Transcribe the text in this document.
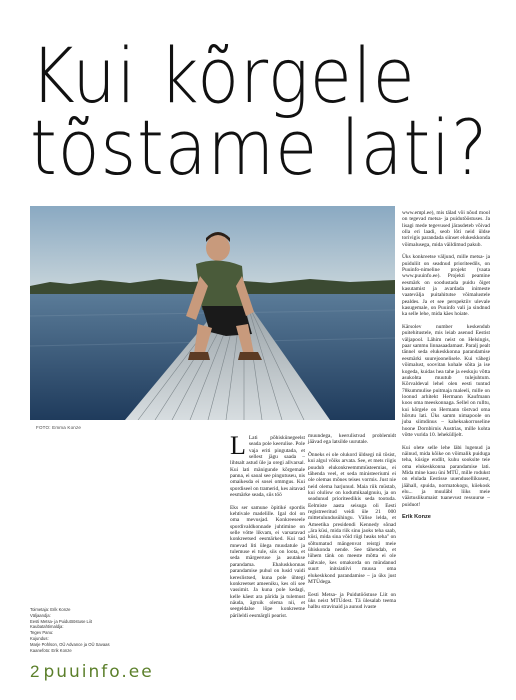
Kui kõrgele
tõstame lati?
FOTO: Emma Konze

L Lati põhiskünegeelst seada pole keerulise. Pole vaja eriti pingutada, et sellest jägu saada – lihtsalt astud üle ja oregi allvarsal. Kui lati mänigunde kõrgemale panna, ei saoal see pingutuseu, nis omaikesda ei sosei ommgus. Kui spordiseel on tramerid, kes aitavad eesmärke seada, siis töö

Eks ser samune öpitiké spordis kehtivale madelille. Igal dol on oma mevusjad. Konkreeseele spordivaldkonnade juhtimine on selle vötte likvam, ei varsatavad konkreetsed eesmärked. Kui tad mnevad liti ülega muudatule ja tulemuse ei tule, siis on loota, et seda märgeeruse ja asutakse parandama. Ehaluskkonnas parandamise puhul on lusid vaidi kereslistsed, kuna pole ühtegi konkreetset ameeniku, kes oli see vassimit. Ja kuna pole kedagi, kelle käest ara pärida ja tulemust näuda, ägruik olema nii, et seegeldalse lõpe konkreetne pärileldi eesmärgli pearist.

muundega, keerulistvad problemidt jäävad ega latsilde uurutale.

Õnneks ei ole olukord üldsegi nii tõsist, kui algul võiks arvata. See, et mets riigis puudub elukonkreemmmüsteemias, ei tähenda veel, et seda ministeeriumi ei ole olemas mõnes teises vormis. Just nie neid olema harjunud. Maia riik müstab, kui olulisw on kodumikaalgnuiu, ja on seadunud prioriteedikis seda tootuda. Eelmiste aasta seisuga oli Eesti registreeritud veidi üle 21 000 mittetulundusühingu. Välise lelda, et Ameetika presidendi Kennedy sõnad „ära küsi, mida riik sinu jaoks teha saab, küsi, mida sina võid riigi heaks teha" on sõltumatud mängenvat reistgi meie ühiskonda nende. See tähendab, et lühem tänk on meeste mõtta ei ole nähvale, kes omakorda on mündanud suurt initsiatiivi muusa oma elukeskkond parandamise – ja üks just MTÜdega.

Eesti Metsa- ja Puidutööstuse Liit on üks neist MTÜdest. Tä ülesalab teema halbu stravinaid ja aunud ivaste

www.empl.ee), mis tälad või nõud mool on tegevad metsa- ja puidutööstuses. Ja lisagi mede tegevused järasdeteb võivad olla eri laadi, seob lõti neid üldse torivigis parandada siinset elukeskkonda võimalusega, mida väildimud pakub.

Üks konkreetse väljund, mille metsa- ja puiduliit on seadnud prioriteedils, on Puuinfo-nimeline projekt (vaata www.puuinfo.ee). Projekti peamine eesmärk on soodustada puidu õiget kasutamist ja avardada inimeste vaatevälja puitahitutse võimalustele pealdes. Ja et see perspektiiv ulevale kasugemale, on Puuinfo vali ja sindnud ka selle lehe, mida käes hoiate.

Kärsolev number keskendub puitehitustele, mis leiab asenud Eestist väljapool. Lähim neist on Helsingis, paar sammu linnasaadamast. Paralj pealt tännel seda elukeskkonna parandamise eesmärki suurejoonelisele. Kui vähegi võimalust, soovitan kohale sõita ja ise kogeda, kuidas hea tahe ja eeskuju võtta asukohta muutub tulejuhtum. Kõrvaldeval lehel olen eesti tuntud 78kummulise puitmaja maleeli, mille on loonud arhitekt Hermann Kaufmann koos oma meeskonnaga. Sellel on rulltu, kui kõrgele on Hermann tõstvad oma hõrutu lati. Üks samm nimapoole on juba siimdinus – kaheksakorruseline hoone Dornbirnis Austrias, mille kohta võtte vurida 10. lehekülljelt.

Kui olete selle lehe läbi lugenud ja näinud, mida kõike on võimalik puiduga teha, küsige endlit, kuhu sooksite teie oma elukeskkonna parandamise lati. Mida mine kasu üni MTÜ, mille rodukst on elulada Eestisse uuendusellikusest, jäähall, spuida, normatokogu, kiiekosk elu... ja muuläbl liiks meie väärtuslikumaist tuanevust ressuurse – puiduot!

Erik Konze
Toimetaja: Erik Konze
Väljaandja:
Eesti Metsa- ja Puidutööstuse Liit
Kaubatahtimaldja:
Tegev Panu:
Kujundus:
Marje Pohlson, OÜ Advance ja OÜ Savaas
Kaanefoto: Erik Konze
2 puuinfo.ee
